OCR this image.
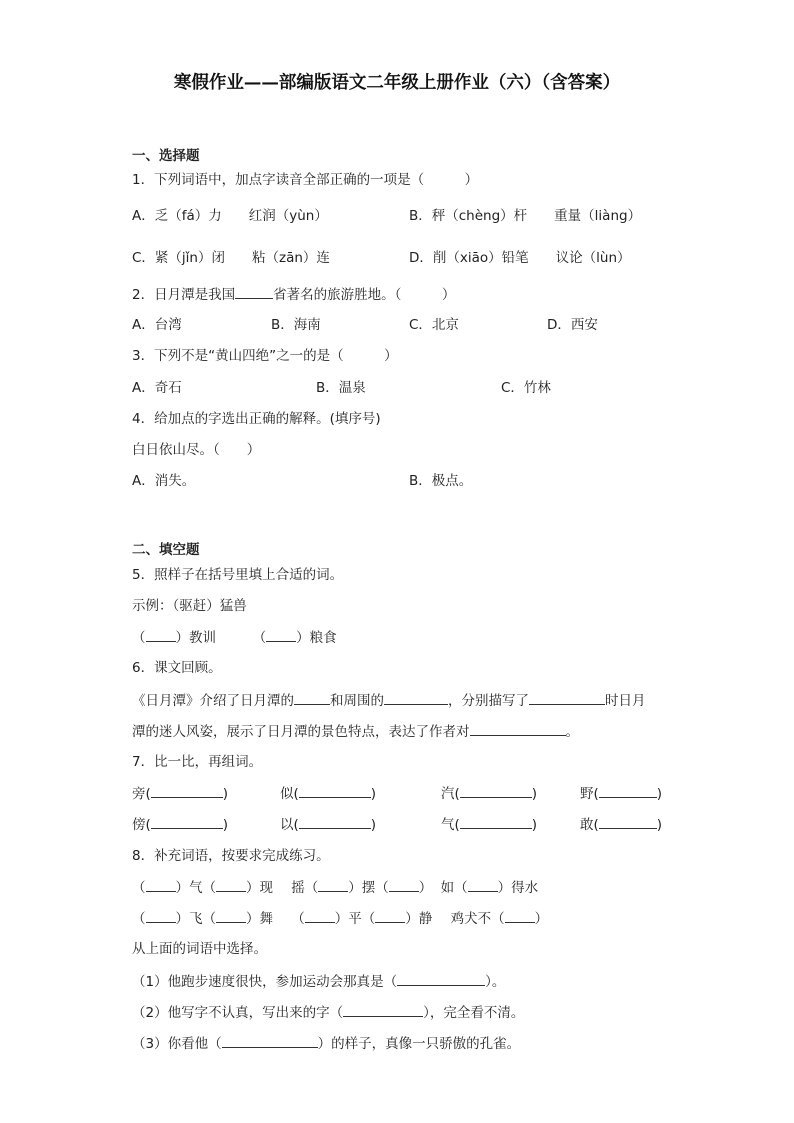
寒假作业——部编版语文二年级上册作业（六）（含答案）
一、选择题
1．下列词语中，加点字读音全部正确的一项是（　　　）
A．乏（fá）力　　红润（yùn）	B．秤（chèng）杆　　重量（liàng）
C．紧（jǐn）闭　　粘（zān）连	D．削（xiāo）铅笔　　议论（lùn）
2．日月潭是我国	省著名的旅游胜地。（　　　）
A．台湾	B．海南	C．北京	D．西安
3．下列不是“黄山四绝”之一的是（　　　）
A．奇石	B．温泉	C．竹林
4．给加点的字选出正确的解释。(填序号)
白日依山尽。（　　）
A．消失。	B．极点。
二、填空题
5．照样子在括号里填上合适的词。
示例：（驱赶）猛兽
（ ）教训	（ ）粮食
6．课文回顾。
《日月潭》介绍了日月潭的	和周围的	，分别描写了	时日月
潭的迷人风姿，展示了日月潭的景色特点，表达了作者对	。
7．比一比，再组词。
旁(	)	似(	)	汽(	)	野(	)
傍(	)	以(	)	气(	)	敢(	)
8．补充词语，按要求完成练习。
（ ）气（ ）现 摇（ ）摆（ ） 如（ ）得水
（ ）飞（ ）舞 （ ）平（ ）静 鸡犬不（ ）
从上面的词语中选择。
（1）他跑步速度很快，参加运动会那真是（	）。
（2）他写字不认真，写出来的字（	），完全看不清。
（3）你看他（	）的样子，真像一只骄傲的孔雀。
